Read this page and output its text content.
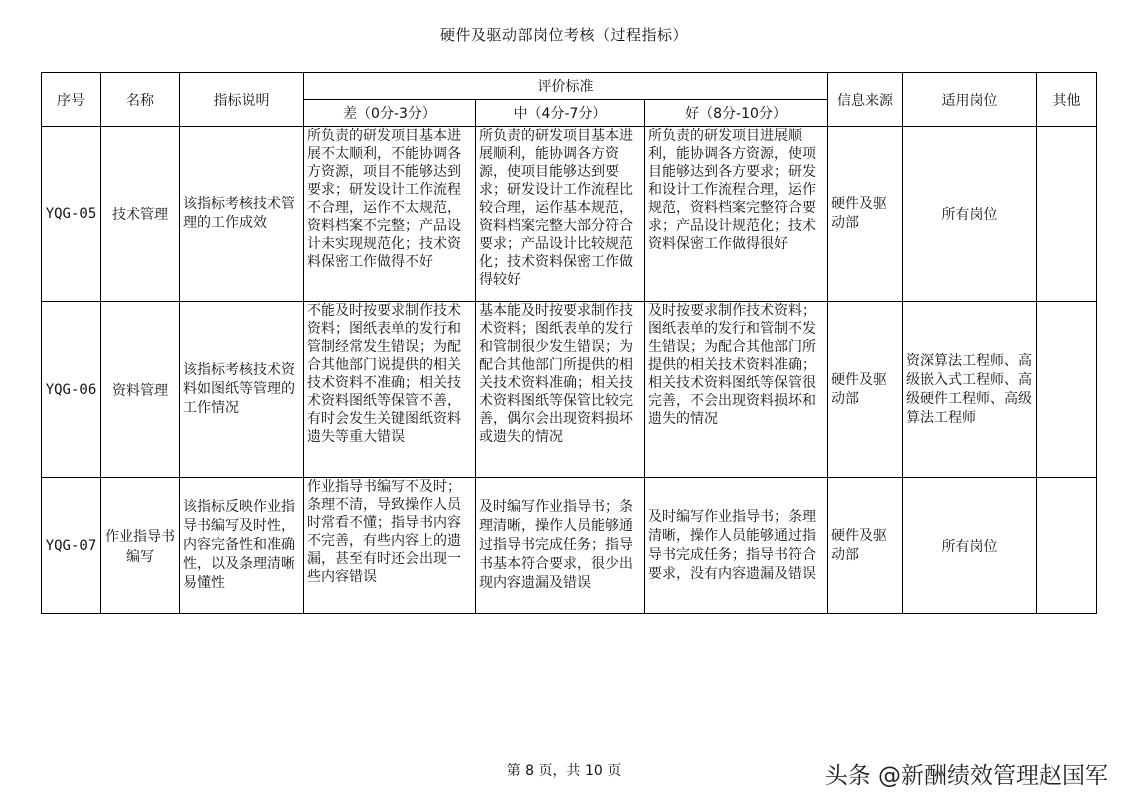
硬件及驱动部岗位考核（过程指标）
序号	名称	指标说明	评价标准			信息来源	适用岗位	其他
			差（0分-3分）	中（4分-7分）	好（8分-10分）			
YQG-05	技术管理	该指标考核技术管理的工作成效	所负责的研发项目基本进展不太顺利，不能协调各方资源，项目不能够达到要求；研发设计工作流程不合理，运作不太规范，资料档案不完整；产品设计未实现规范化；技术资料保密工作做得不好	所负责的研发项目基本进展顺利，能协调各方资源，使项目能够达到要求；研发设计工作流程比较合理，运作基本规范，资料档案完整大部分符合要求；产品设计比较规范化；技术资料保密工作做得较好	所负责的研发项目进展顺利，能协调各方资源，使项目能够达到各方要求；研发和设计工作流程合理，运作规范，资料档案完整符合要求；产品设计规范化；技术资料保密工作做得很好	硬件及驱动部	所有岗位	
YQG-06	资料管理	该指标考核技术资料如图纸等管理的工作情况	不能及时按要求制作技术资料；图纸表单的发行和管制经常发生错误；为配合其他部门说提供的相关技术资料不准确；相关技术资料图纸等保管不善，有时会发生关键图纸资料遗失等重大错误	基本能及时按要求制作技术资料；图纸表单的发行和管制很少发生错误；为配合其他部门所提供的相关技术资料准确；相关技术资料图纸等保管比较完善，偶尔会出现资料损坏或遗失的情况	及时按要求制作技术资料；图纸表单的发行和管制不发生错误；为配合其他部门所提供的相关技术资料准确；相关技术资料图纸等保管很完善，不会出现资料损坏和遗失的情况	硬件及驱动部	资深算法工程师、高级嵌入式工程师、高级硬件工程师、高级算法工程师	
YQG-07	作业指导书编写	该指标反映作业指导书编写及时性，内容完备性和准确性，以及条理清晰易懂性	作业指导书编写不及时；条理不清，导致操作人员时常看不懂；指导书内容不完善，有些内容上的遗漏，甚至有时还会出现一些内容错误	及时编写作业指导书；条理清晰，操作人员能够通过指导书完成任务；指导书基本符合要求，很少出现内容遗漏及错误	及时编写作业指导书；条理清晰，操作人员能够通过指导书完成任务；指导书符合要求，没有内容遗漏及错误	硬件及驱动部	所有岗位	
第 8 页，共 10 页	头条 @新酬绩效管理赵国军
